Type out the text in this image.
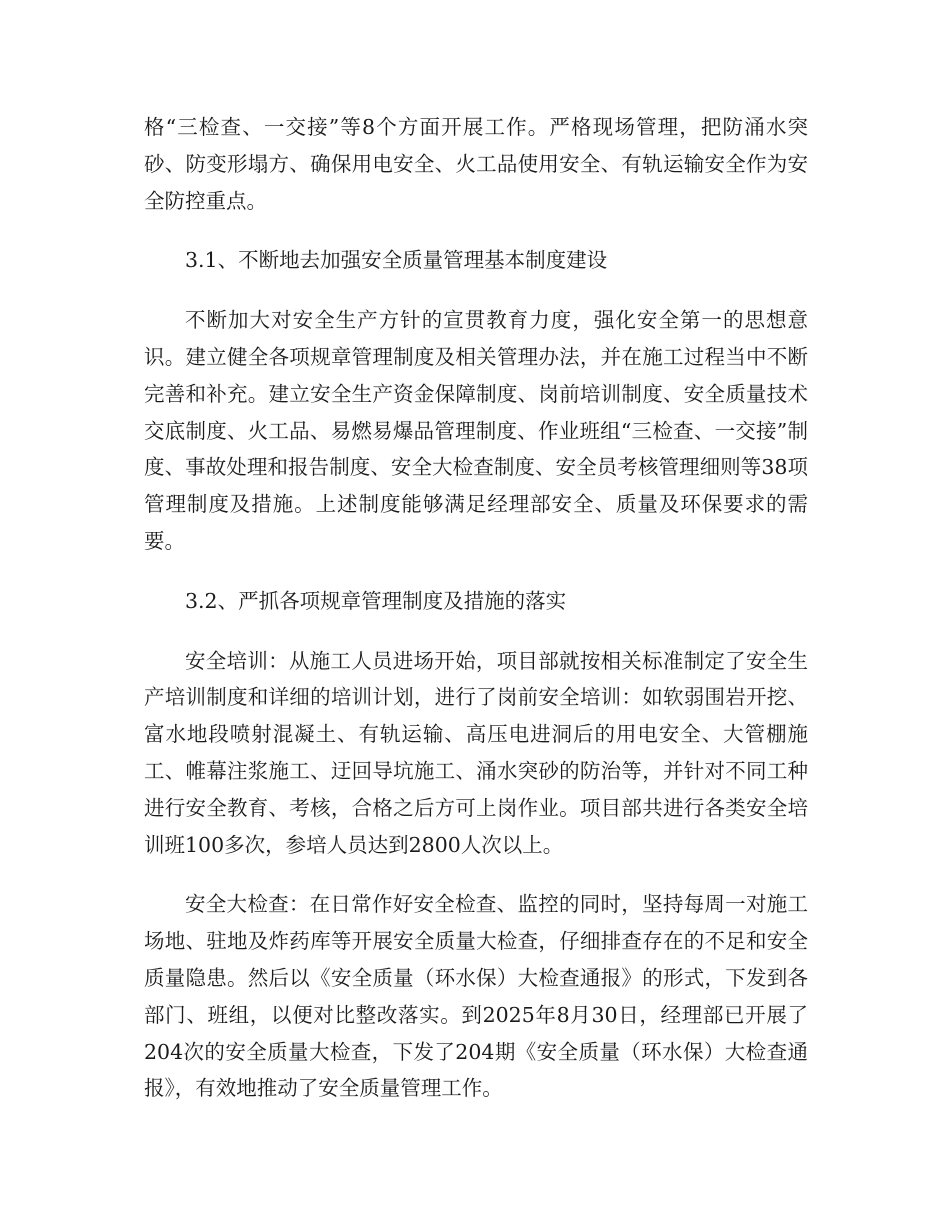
格“三检查、一交接”等8个方面开展工作。严格现场管理，把防涌水突砂、防变形塌方、确保用电安全、火工品使用安全、有轨运输安全作为安全防控重点。

3.1、不断地去加强安全质量管理基本制度建设

不断加大对安全生产方针的宣贯教育力度，强化安全第一的思想意识。建立健全各项规章管理制度及相关管理办法，并在施工过程当中不断完善和补充。建立安全生产资金保障制度、岗前培训制度、安全质量技术交底制度、火工品、易燃易爆品管理制度、作业班组“三检查、一交接”制度、事故处理和报告制度、安全大检查制度、安全员考核管理细则等38项管理制度及措施。上述制度能够满足经理部安全、质量及环保要求的需要。

3.2、严抓各项规章管理制度及措施的落实

安全培训：从施工人员进场开始，项目部就按相关标准制定了安全生产培训制度和详细的培训计划，进行了岗前安全培训：如软弱围岩开挖、富水地段喷射混凝土、有轨运输、高压电进洞后的用电安全、大管棚施工、帷幕注浆施工、迂回导坑施工、涌水突砂的防治等，并针对不同工种进行安全教育、考核，合格之后方可上岗作业。项目部共进行各类安全培训班100多次，参培人员达到2800人次以上。

安全大检查：在日常作好安全检查、监控的同时，坚持每周一对施工场地、驻地及炸药库等开展安全质量大检查，仔细排查存在的不足和安全质量隐患。然后以《安全质量（环水保）大检查通报》的形式，下发到各部门、班组，以便对比整改落实。到2025年8月30日，经理部已开展了204次的安全质量大检查，下发了204期《安全质量（环水保）大检查通报》，有效地推动了安全质量管理工作。
